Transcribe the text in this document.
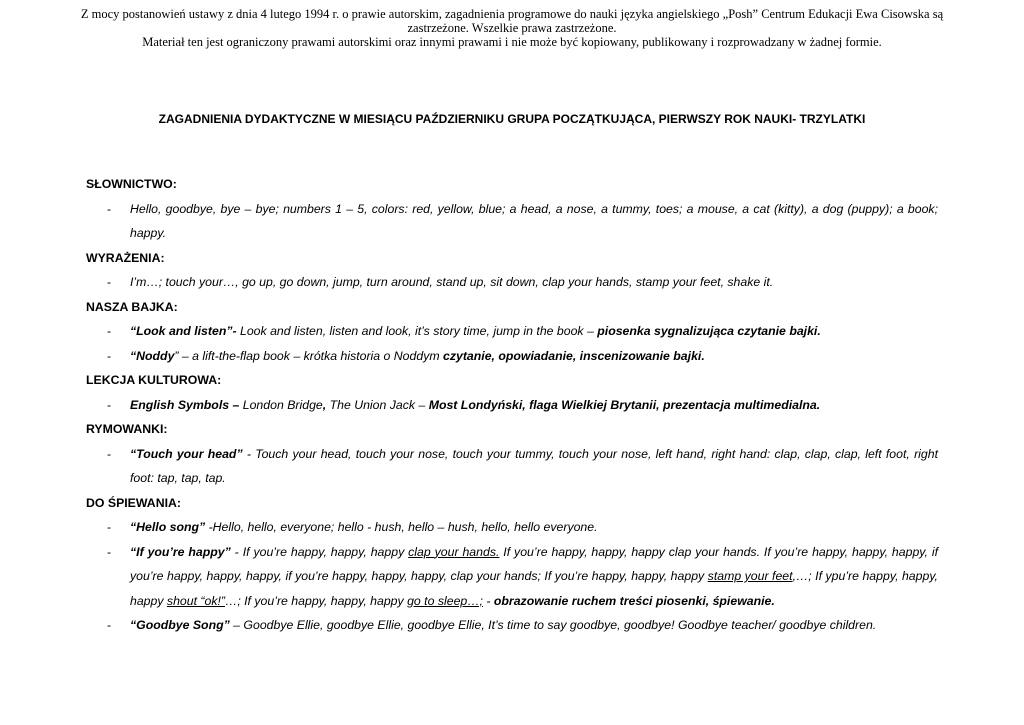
Z mocy postanowień ustawy z dnia 4 lutego 1994 r. o prawie autorskim, zagadnienia programowe do nauki języka angielskiego „Posh” Centrum Edukacji Ewa Cisowska są zastrzeżone. Wszelkie prawa zastrzeżone.
Materiał ten jest ograniczony prawami autorskimi oraz innymi prawami i nie może być kopiowany, publikowany i rozprowadzany w żadnej formie.
ZAGADNIENIA DYDAKTYCZNE W MIESIĄCU PAŹDZIERNIKU GRUPA POCZĄTKUJĄCA, PIERWSZY ROK NAUKI- TRZYLATKI
SŁOWNICTWO:
-	Hello, goodbye, bye – bye; numbers 1 – 5, colors: red, yellow, blue; a head, a nose, a tummy, toes; a mouse, a cat (kitty), a dog (puppy); a book; happy.
WYRAŻENIA:
-	I’m…; touch your…, go up, go down, jump, turn around, stand up, sit down, clap your hands, stamp your feet, shake it.
NASZA BAJKA:
-	“Look and listen”- Look and listen, listen and look, it’s story time, jump in the book – piosenka sygnalizująca czytanie bajki.
-	“Noddy” – a lift-the-flap book – krótka historia o Noddym czytanie, opowiadanie, inscenizowanie bajki.
LEKCJA KULTUROWA:
-	English Symbols – London Bridge, The Union Jack – Most Londyński, flaga Wielkiej Brytanii, prezentacja multimedialna.
RYMOWANKI:
-	“Touch your head” - Touch your head, touch your nose, touch your tummy, touch your nose, left hand, right hand: clap, clap, clap, left foot, right foot: tap, tap, tap.
DO ŚPIEWANIA:
-	“Hello song” -Hello, hello, everyone; hello - hush, hello – hush, hello, hello everyone.
-	“If you’re happy” - If you’re happy, happy, happy clap your hands. If you’re happy, happy, happy clap your hands. If you’re happy, happy, happy, if you’re happy, happy, happy, if you’re happy, happy, happy, clap your hands; If you’re happy, happy, happy stamp your feet,…; If ypu’re happy, happy, happy shout “ok!”…; If you’re happy, happy, happy go to sleep…; - obrazowanie ruchem treści piosenki, śpiewanie.
-	“Goodbye Song” – Goodbye Ellie, goodbye Ellie, goodbye Ellie, It’s time to say goodbye, goodbye! Goodbye teacher/ goodbye children.
